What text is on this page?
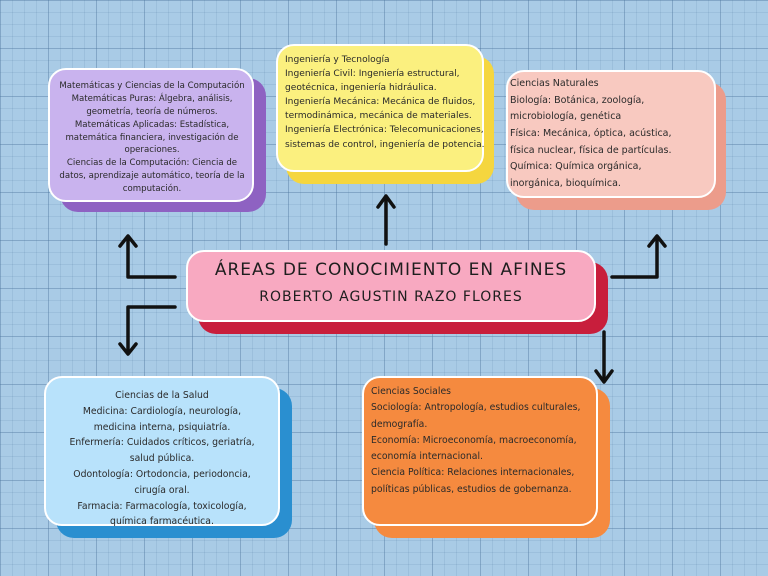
Matemáticas y Ciencias de la Computación

Matemáticas Puras: Álgebra, análisis,

geometría, teoría de números.

Matemáticas Aplicadas: Estadística,

matemática financiera, investigación de

operaciones.

Ciencias de la Computación: Ciencia de

datos, aprendizaje automático, teoría de la

computación.

Ingeniería y Tecnología

Ingeniería Civil: Ingeniería estructural,

geotécnica, ingeniería hidráulica.

Ingeniería Mecánica: Mecánica de fluidos,

termodinámica, mecánica de materiales.

Ingeniería Electrónica: Telecomunicaciones,

sistemas de control, ingeniería de potencia.

Ciencias Naturales

Biología: Botánica, zoología,

microbiología, genética

Física: Mecánica, óptica, acústica,

física nuclear, física de partículas.

Química: Química orgánica,

inorgánica, bioquímica.

ÁREAS DE CONOCIMIENTO EN AFINES
ROBERTO AGUSTIN RAZO FLORES

Ciencias de la Salud

Medicina: Cardiología, neurología,

medicina interna, psiquiatría.

Enfermería: Cuidados críticos, geriatría,

salud pública.

Odontología: Ortodoncia, periodoncia,

cirugía oral.

Farmacia: Farmacología, toxicología,

química farmacéutica.

Ciencias Sociales

Sociología: Antropología, estudios culturales,

demografía.

Economía: Microeconomía, macroeconomía,

economía internacional.

Ciencia Política: Relaciones internacionales,

políticas públicas, estudios de gobernanza.
